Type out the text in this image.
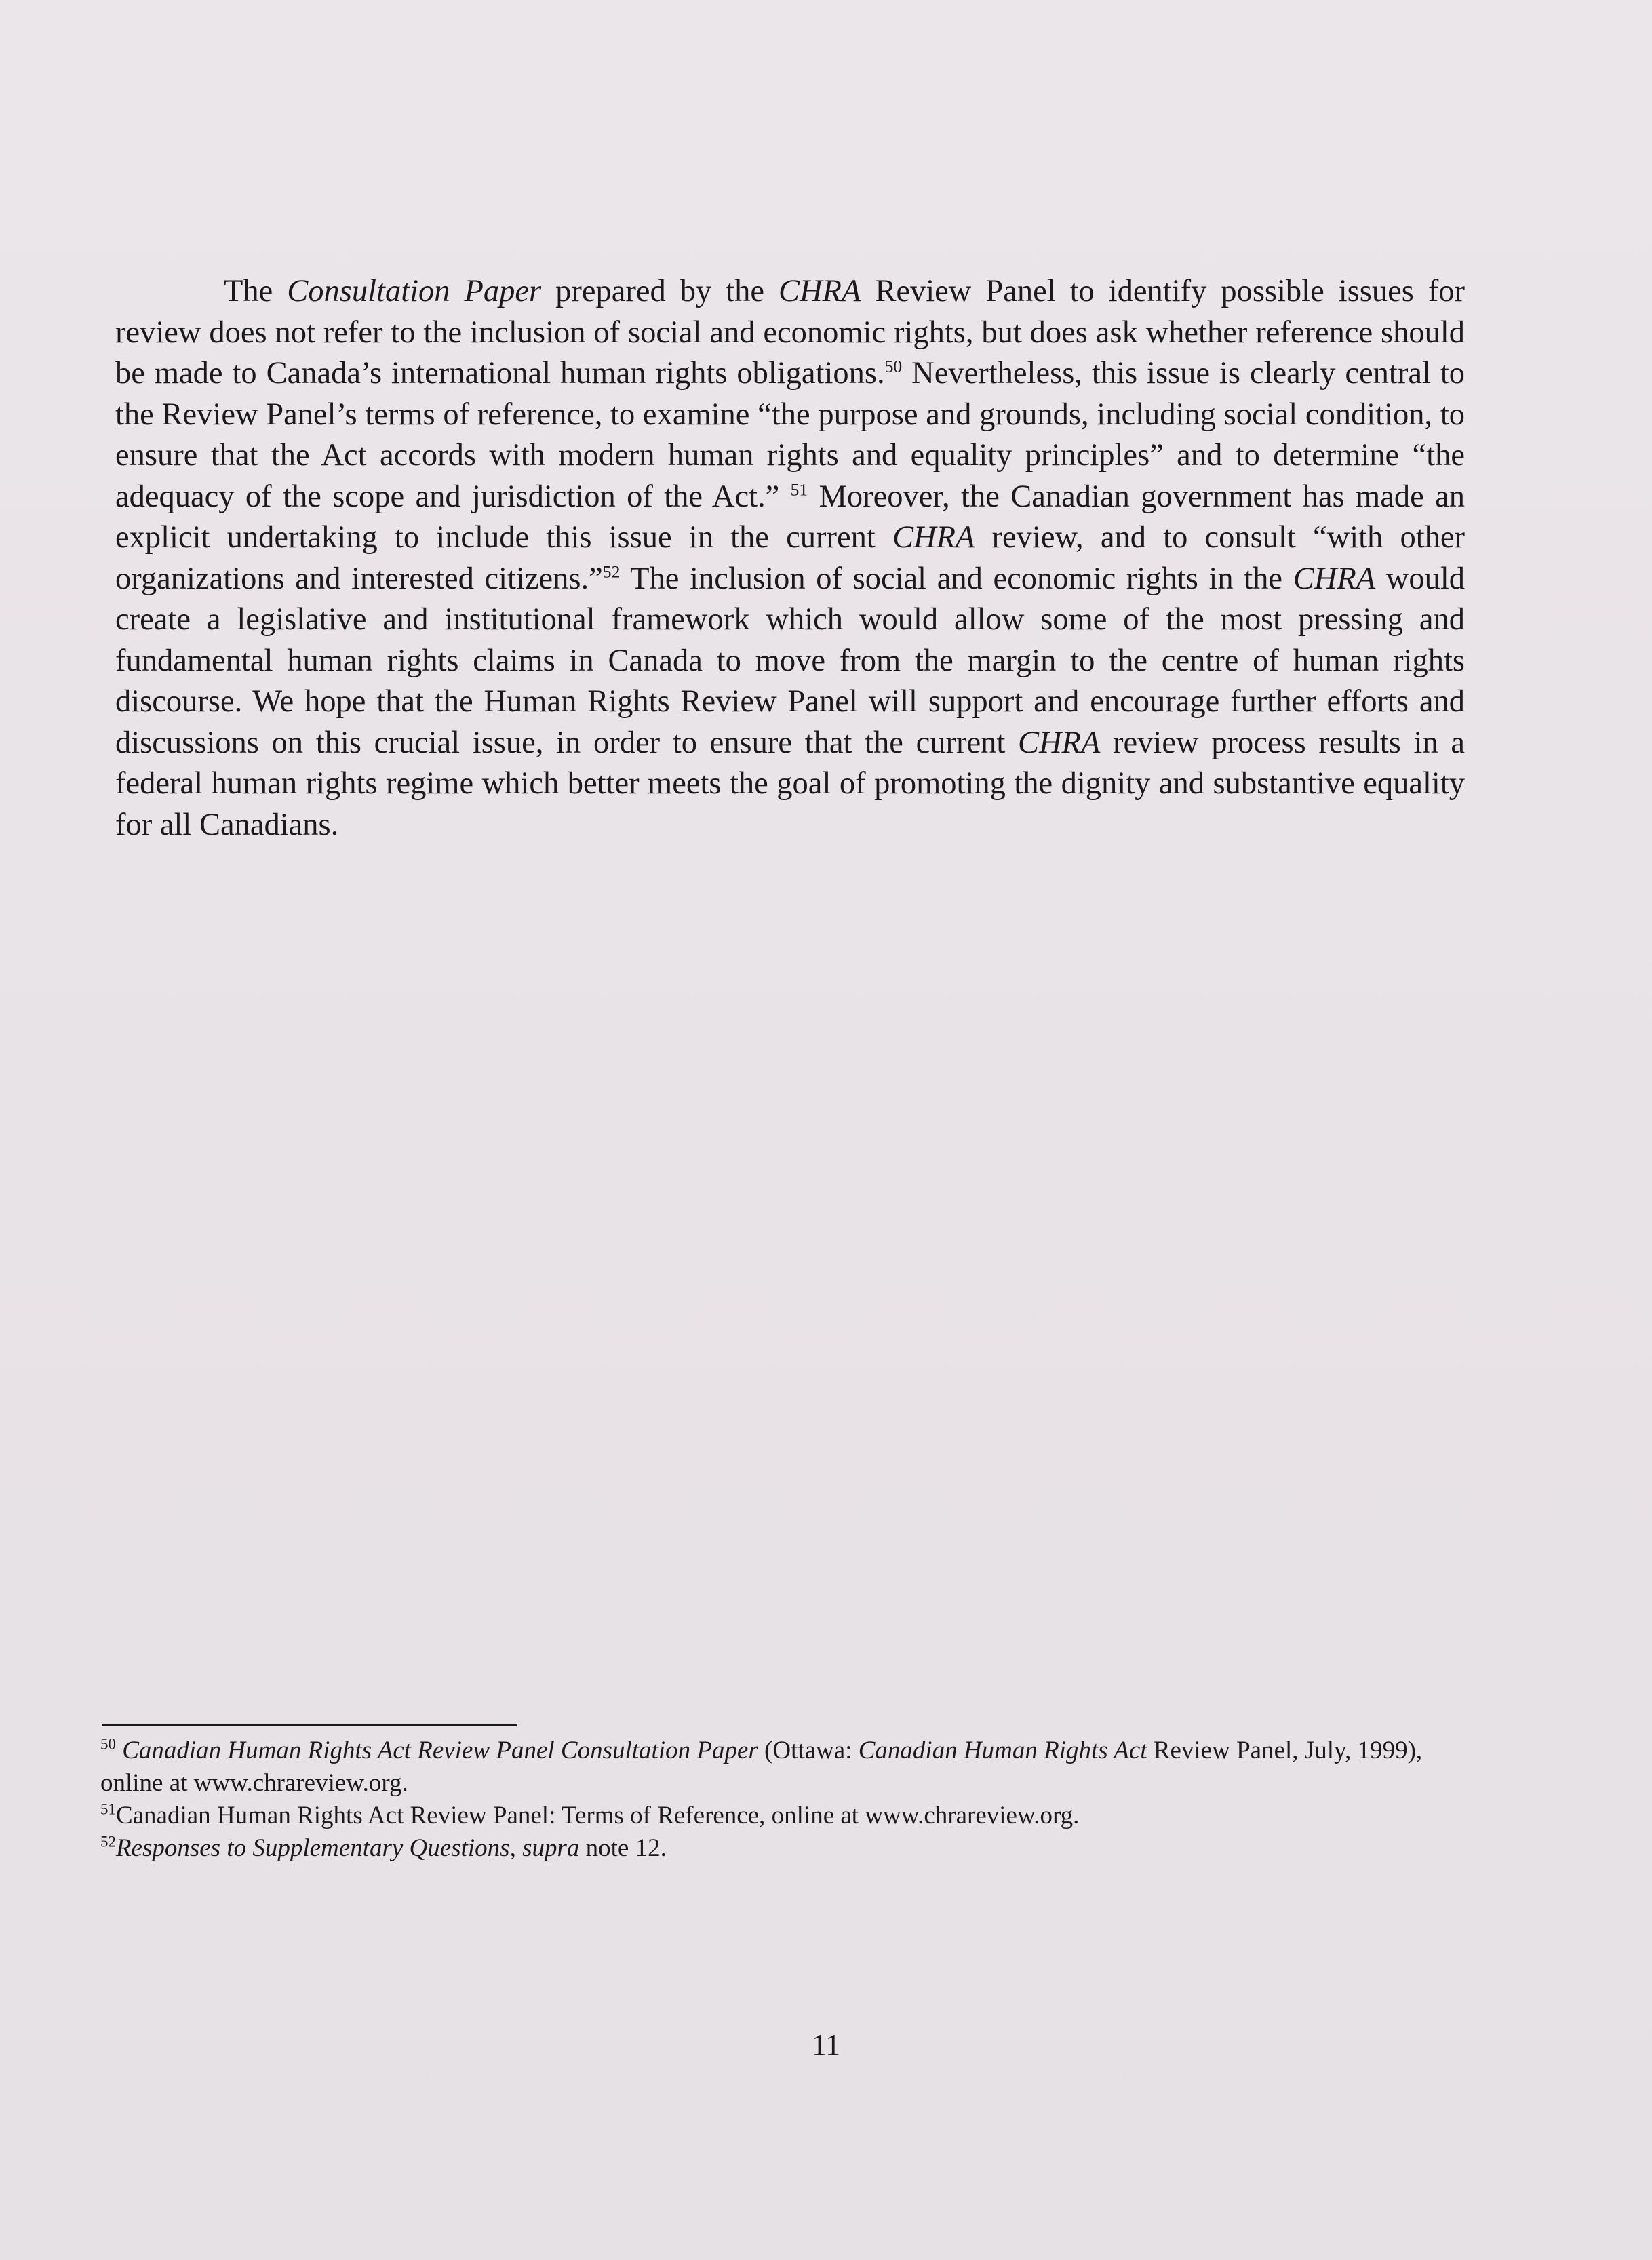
The Consultation Paper prepared by the CHRA Review Panel to identify possible issues for review does not refer to the inclusion of social and economic rights, but does ask whether reference should be made to Canada’s international human rights obligations.$^{50}$ Nevertheless, this issue is clearly central to the Review Panel’s terms of reference, to examine “the purpose and grounds, including social condition, to ensure that the Act accords with modern human rights and equality principles” and to determine “the adequacy of the scope and jurisdiction of the Act.” $^{51}$ Moreover, the Canadian government has made an explicit undertaking to include this issue in the current CHRA review, and to consult “with other organizations and interested citizens.”$^{52}$ The inclusion of social and economic rights in the CHRA would create a legislative and institutional framework which would allow some of the most pressing and fundamental human rights claims in Canada to move from the margin to the centre of human rights discourse. We hope that the Human Rights Review Panel will support and encourage further efforts and discussions on this crucial issue, in order to ensure that the current CHRA review process results in a federal human rights regime which better meets the goal of promoting the dignity and substantive equality for all Canadians.

$^{50}$ Canadian Human Rights Act Review Panel Consultation Paper (Ottawa: Canadian Human Rights Act Review Panel, July, 1999), online at www.chrareview.org.

$^{51}$Canadian Human Rights Act Review Panel: Terms of Reference, online at www.chrareview.org.

$^{52}$Responses to Supplementary Questions, supra note 12.

11
